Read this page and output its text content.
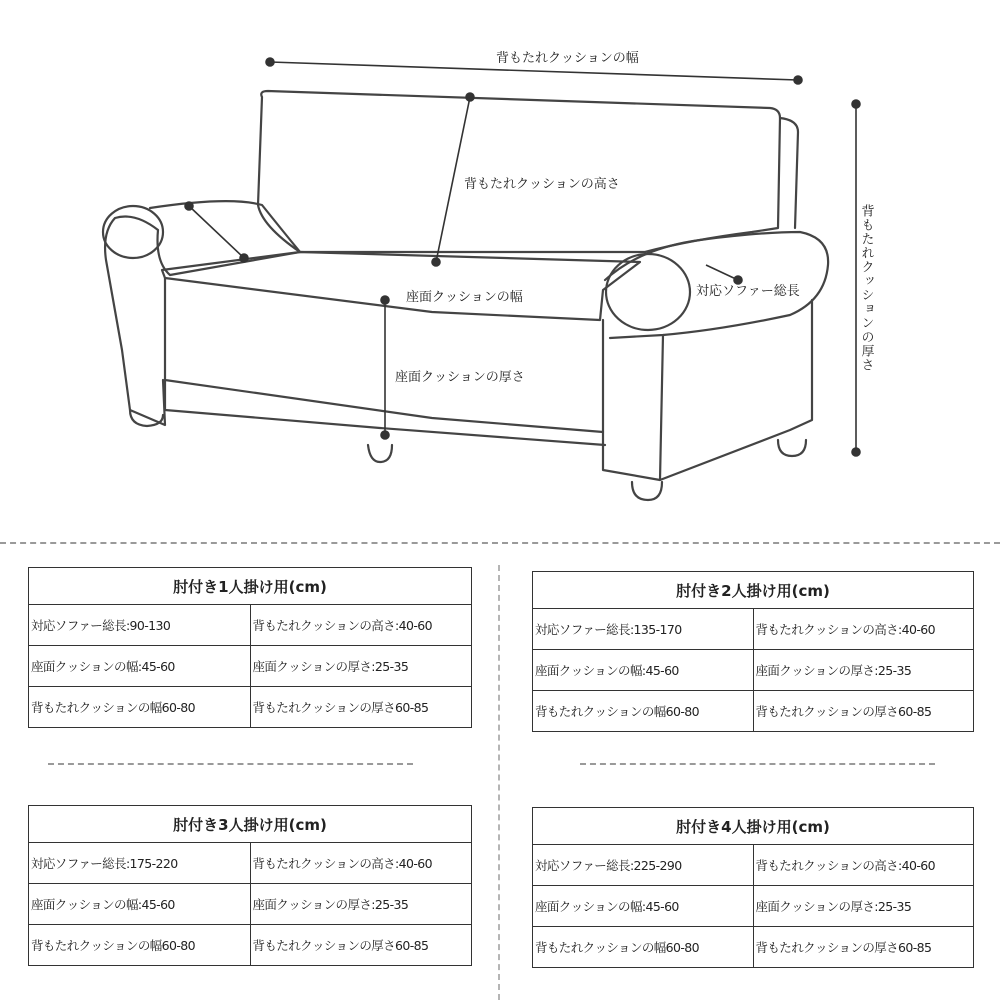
背もたれクッションの幅
背もたれクッションの高さ
座面クッションの幅	対応ソファー総長
座面クッションの厚さ
背もたれクッションの厚さ
肘付き1人掛け用(cm)	
対応ソファー総長:90-130	背もたれクッションの高さ:40-60
座面クッションの幅:45-60	座面クッションの厚さ:25-35
背もたれクッションの幅60-80	背もたれクッションの厚さ60-85
肘付き2人掛け用(cm)	
対応ソファー総長:135-170	背もたれクッションの高さ:40-60
座面クッションの幅:45-60	座面クッションの厚さ:25-35
背もたれクッションの幅60-80	背もたれクッションの厚さ60-85
肘付き3人掛け用(cm)	
対応ソファー総長:175-220	背もたれクッションの高さ:40-60
座面クッションの幅:45-60	座面クッションの厚さ:25-35
背もたれクッションの幅60-80	背もたれクッションの厚さ60-85
肘付き4人掛け用(cm)	
対応ソファー総長:225-290	背もたれクッションの高さ:40-60
座面クッションの幅:45-60	座面クッションの厚さ:25-35
背もたれクッションの幅60-80	背もたれクッションの厚さ60-85
